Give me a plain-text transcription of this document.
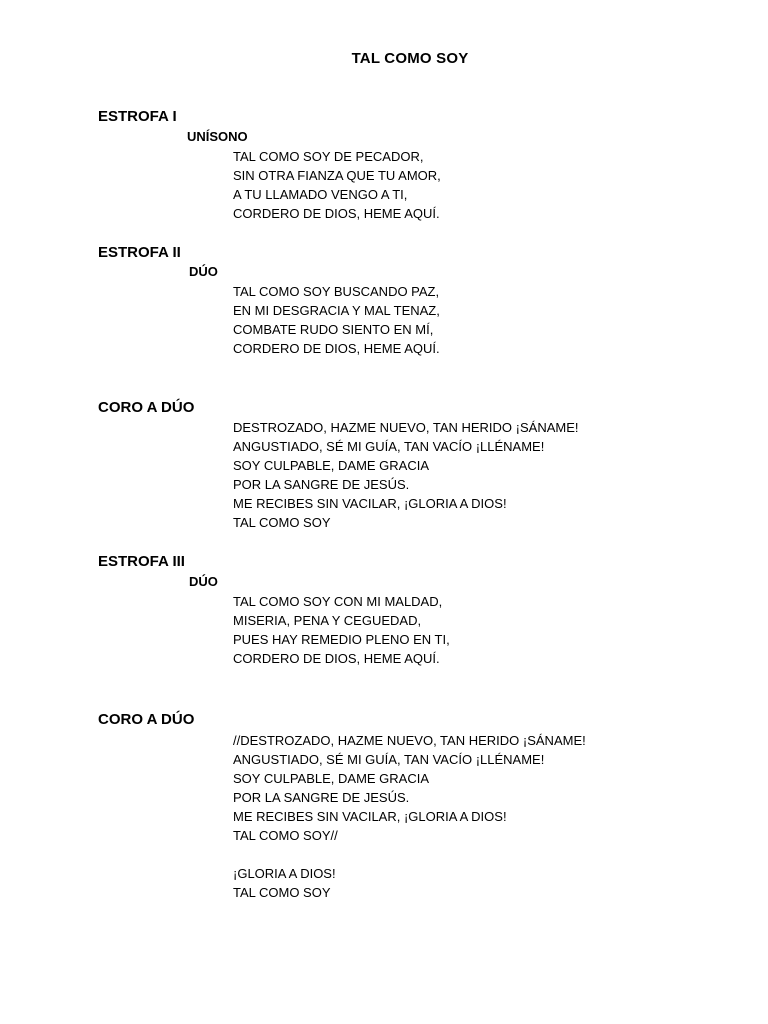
TAL COMO SOY
ESTROFA I
UNÍSONO
TAL COMO SOY DE PECADOR,
SIN OTRA FIANZA QUE TU AMOR,
A TU LLAMADO VENGO A TI,
CORDERO DE DIOS, HEME AQUÍ.
ESTROFA II
DÚO
TAL COMO SOY BUSCANDO PAZ,
EN MI DESGRACIA Y MAL TENAZ,
COMBATE RUDO SIENTO EN MÍ,
CORDERO DE DIOS, HEME AQUÍ.
CORO A DÚO
DESTROZADO, HAZME NUEVO, TAN HERIDO ¡SÁNAME!
ANGUSTIADO, SÉ MI GUÍA, TAN VACÍO ¡LLÉNAME!
SOY CULPABLE, DAME GRACIA
POR LA SANGRE DE JESÚS.
ME RECIBES SIN VACILAR, ¡GLORIA A DIOS!
TAL COMO SOY
ESTROFA III
DÚO
TAL COMO SOY CON MI MALDAD,
MISERIA, PENA Y CEGUEDAD,
PUES HAY REMEDIO PLENO EN TI,
CORDERO DE DIOS, HEME AQUÍ.
CORO A DÚO
//DESTROZADO, HAZME NUEVO, TAN HERIDO ¡SÁNAME!
ANGUSTIADO, SÉ MI GUÍA, TAN VACÍO ¡LLÉNAME!
SOY CULPABLE, DAME GRACIA
POR LA SANGRE DE JESÚS.
ME RECIBES SIN VACILAR, ¡GLORIA A DIOS!
TAL COMO SOY//
¡GLORIA A DIOS!
TAL COMO SOY
